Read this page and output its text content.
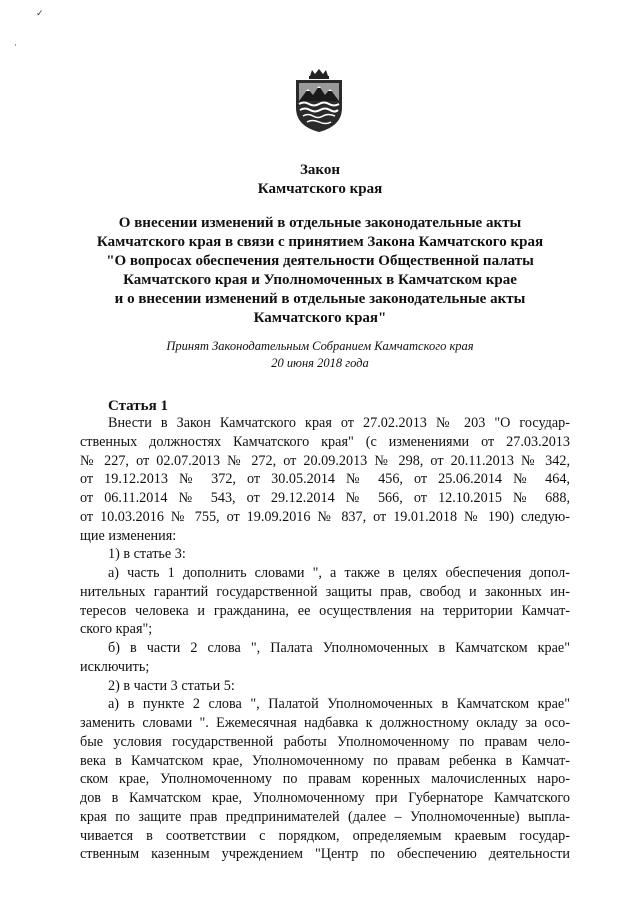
✓
·
Закон
Камчатского края
О внесении изменений в отдельные законодательные акты
Камчатского края в связи с принятием Закона Камчатского края
"О вопросах обеспечения деятельности Общественной палаты
Камчатского края и Уполномоченных в Камчатском крае
и о внесении изменений в отдельные законодательные акты
Камчатского края"
Принят Законодательным Собранием Камчатского края
20 июня 2018 года
Статья 1
Внести в Закон Камчатского края от 27.02.2013 № 203 "О государ-
ственных должностях Камчатского края" (с изменениями от 27.03.2013
№ 227, от 02.07.2013 № 272, от 20.09.2013 № 298, от 20.11.2013 № 342,
от 19.12.2013 № 372, от 30.05.2014 № 456, от 25.06.2014 № 464,
от 06.11.2014 № 543, от 29.12.2014 № 566, от 12.10.2015 № 688,
от 10.03.2016 № 755, от 19.09.2016 № 837, от 19.01.2018 № 190) следую-
щие изменения:
1) в статье 3:
а) часть 1 дополнить словами ", а также в целях обеспечения допол-
нительных гарантий государственной защиты прав, свобод и законных ин-
тересов человека и гражданина, ее осуществления на территории Камчат-
ского края";
б) в части 2 слова ", Палата Уполномоченных в Камчатском крае"
исключить;
2) в части 3 статьи 5:
а) в пункте 2 слова ", Палатой Уполномоченных в Камчатском крае"
заменить словами ". Ежемесячная надбавка к должностному окладу за осо-
бые условия государственной работы Уполномоченному по правам чело-
века в Камчатском крае, Уполномоченному по правам ребенка в Камчат-
ском крае, Уполномоченному по правам коренных малочисленных наро-
дов в Камчатском крае, Уполномоченному при Губернаторе Камчатского
края по защите прав предпринимателей (далее – Уполномоченные) выпла-
чивается в соответствии с порядком, определяемым краевым государ-
ственным казенным учреждением "Центр по обеспечению деятельности
